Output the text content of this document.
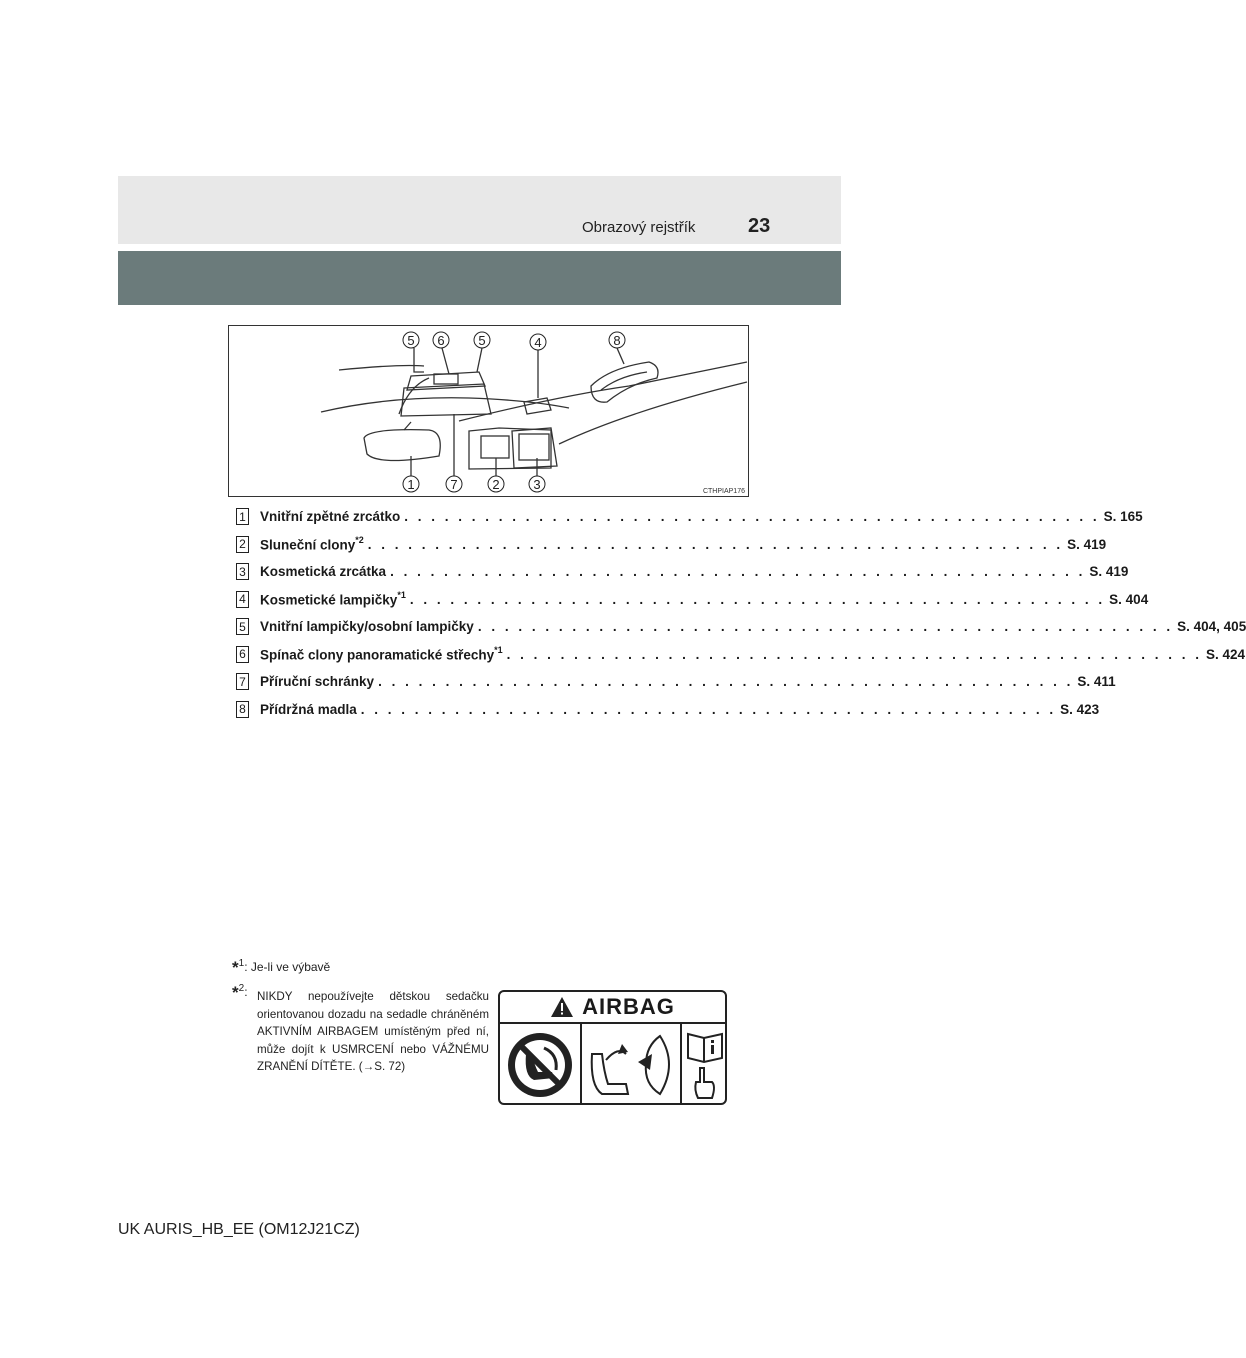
Obrazový rejstřík	23
5 6	5	4	8
1	7	2	3	CTHPIAP176
1 Vnitřní zpětné zrcátko . . . . . . . . . . . . . . . . . . . . . . . . . . . . . . . . . . . . . . . . . . . . . . . . . . . . S. 165
2 Sluneční clony$^{*2}$ . . . . . . . . . . . . . . . . . . . . . . . . . . . . . . . . . . . . . . . . . . . . . . . . . . . . S. 419
3 Kosmetická zrcátka . . . . . . . . . . . . . . . . . . . . . . . . . . . . . . . . . . . . . . . . . . . . . . . . . . . . S. 419
4 Kosmetické lampičky$^{*1}$ . . . . . . . . . . . . . . . . . . . . . . . . . . . . . . . . . . . . . . . . . . . . . . . . . . . . S. 404
5 Vnitřní lampičky/osobní lampičky . . . . . . . . . . . . . . . . . . . . . . . . . . . . . . . . . . . . . . . . . . . . . . . . . . . . S. 404, 405
6 Spínač clony panoramatické střechy$^{*1}$ . . . . . . . . . . . . . . . . . . . . . . . . . . . . . . . . . . . . . . . . . . . . . . . . . . . . S. 424
7 Příruční schránky . . . . . . . . . . . . . . . . . . . . . . . . . . . . . . . . . . . . . . . . . . . . . . . . . . . . S. 411
8 Přídržná madla . . . . . . . . . . . . . . . . . . . . . . . . . . . . . . . . . . . . . . . . . . . . . . . . . . . . S. 423
*$^1$: Je-li ve výbavě
*$^2$: NIKDY nepoužívejte dětskou sedačku orientovanou dozadu na sedadle chráněném AKTIVNÍM AIRBAGEM umístěným před ní, může dojít k USMRCENÍ nebo VÁŽNÉMU ZRANĚNÍ DÍTĚTE. (→S. 72)
AIRBAG
UK AURIS_HB_EE (OM12J21CZ)
